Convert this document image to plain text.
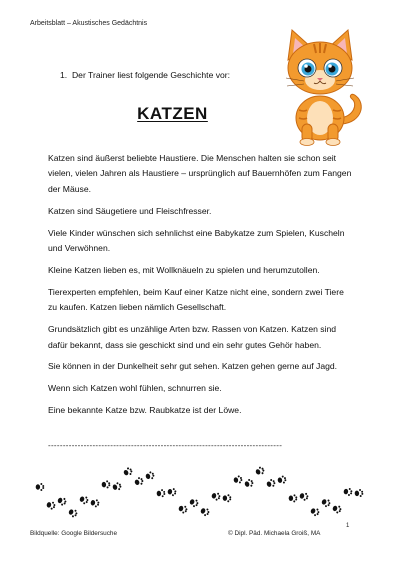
Arbeitsblatt – Akustisches Gedächtnis
1. Der Trainer liest folgende Geschichte vor:
KATZEN

Katzen sind äußerst beliebte Haustiere. Die Menschen halten sie schon seit vielen, vielen Jahren als Haustiere – ursprünglich auf Bauernhöfen zum Fangen der Mäuse.

Katzen sind Säugetiere und Fleischfresser.

Viele Kinder wünschen sich sehnlichst eine Babykatze zum Spielen, Kuscheln und Verwöhnen.

Kleine Katzen lieben es, mit Wollknäueln zu spielen und herumzutollen.

Tierexperten empfehlen, beim Kauf einer Katze nicht eine, sondern zwei Tiere zu kaufen. Katzen lieben nämlich Gesellschaft.

Grundsätzlich gibt es unzählige Arten bzw. Rassen von Katzen. Katzen sind dafür bekannt, dass sie geschickt sind und ein sehr gutes Gehör haben.

Sie können in der Dunkelheit sehr gut sehen. Katzen gehen gerne auf Jagd.

Wenn sich Katzen wohl fühlen, schnurren sie.

Eine bekannte Katze bzw. Raubkatze ist der Löwe.

-------------------------------------------------------------------------------
Bildquelle: Google Bildersuche	© Dipl. Päd. Michaela Groiß, MA
1
